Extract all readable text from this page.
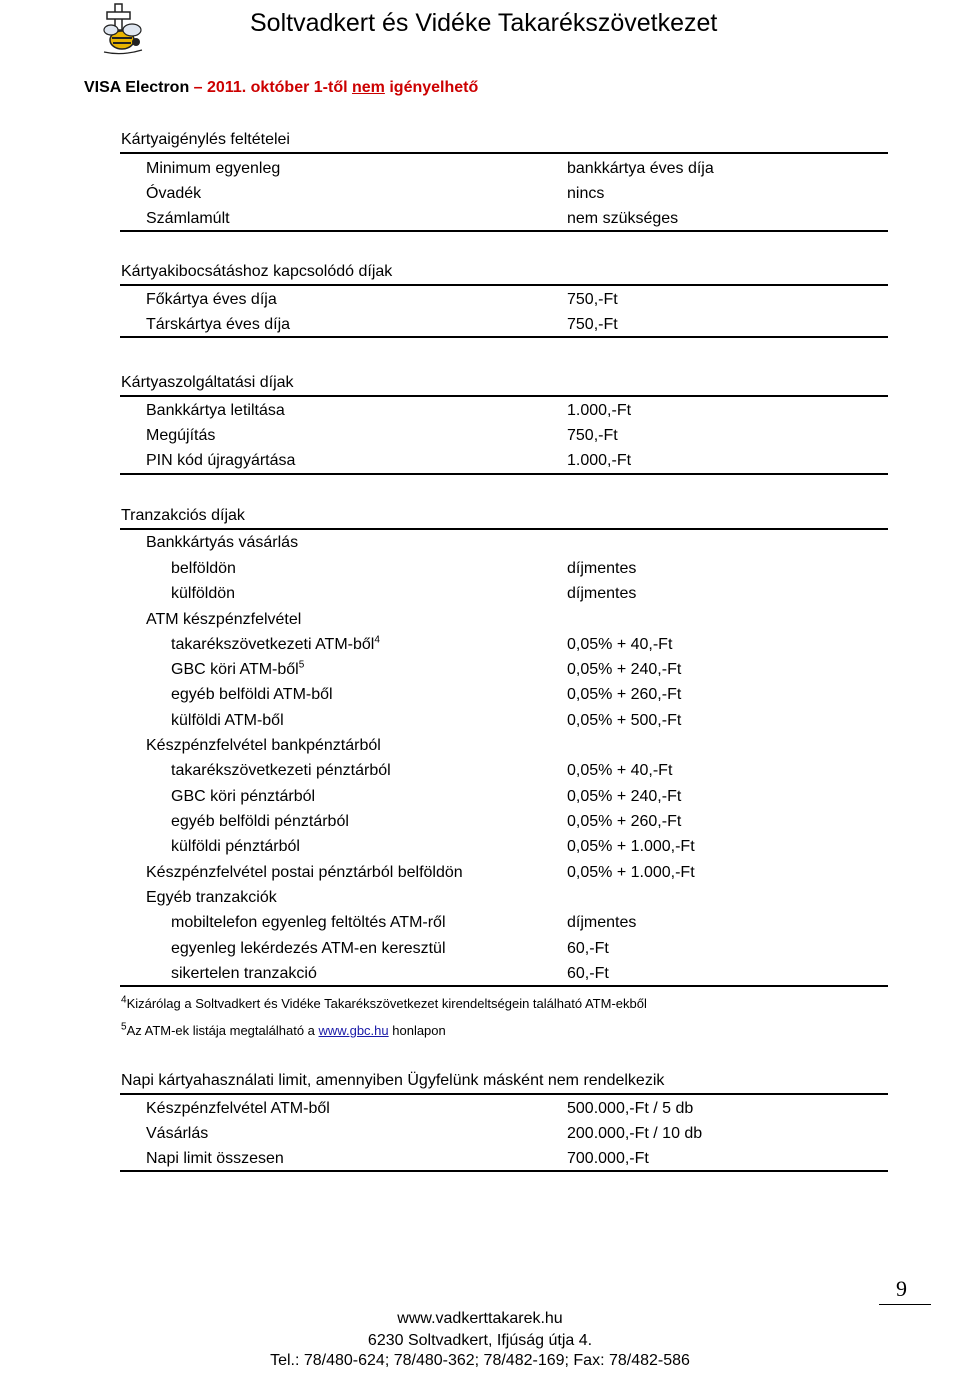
Soltvadkert és Vidéke Takarékszövetkezet
VISA Electron – 2011. október 1-től nem igényelhető
Kártyaigénylés feltételei
Minimum egyenleg	bankkártya éves díja
Óvadék	nincs
Számlamúlt	nem szükséges
Kártyakibocsátáshoz kapcsolódó díjak
Főkártya éves díja	750,-Ft
Társkártya éves díja	750,-Ft
Kártyaszolgáltatási díjak
Bankkártya letiltása	1.000,-Ft
Megújítás	750,-Ft
PIN kód újragyártása	1.000,-Ft
Tranzakciós díjak
Bankkártyás vásárlás
belföldön	díjmentes
külföldön	díjmentes
ATM készpénzfelvétel
takarékszövetkezeti ATM-ből$^4$	0,05% + 40,-Ft
GBC köri ATM-ből$^5$	0,05% + 240,-Ft
egyéb belföldi ATM-ből	0,05% + 260,-Ft
külföldi ATM-ből	0,05% + 500,-Ft
Készpénzfelvétel bankpénztárból
takarékszövetkezeti pénztárból	0,05% + 40,-Ft
GBC köri pénztárból	0,05% + 240,-Ft
egyéb belföldi pénztárból	0,05% + 260,-Ft
külföldi pénztárból	0,05% + 1.000,-Ft
Készpénzfelvétel postai pénztárból belföldön	0,05% + 1.000,-Ft
Egyéb tranzakciók
mobiltelefon egyenleg feltöltés ATM-ről	díjmentes
egyenleg lekérdezés ATM-en keresztül	60,-Ft
sikertelen tranzakció	60,-Ft
$^4$Kizárólag a Soltvadkert és Vidéke Takarékszövetkezet kirendeltségein található ATM-ekből
$^5$Az ATM-ek listája megtalálható a www.gbc.hu honlapon
Napi kártyahasználati limit, amennyiben Ügyfelünk másként nem rendelkezik
Készpénzfelvétel ATM-ből	500.000,-Ft / 5 db
Vásárlás	200.000,-Ft / 10 db
Napi limit összesen	700.000,-Ft
9
www.vadkerttakarek.hu
6230 Soltvadkert, Ifjúság útja 4.
Tel.: 78/480-624; 78/480-362; 78/482-169; Fax: 78/482-586
